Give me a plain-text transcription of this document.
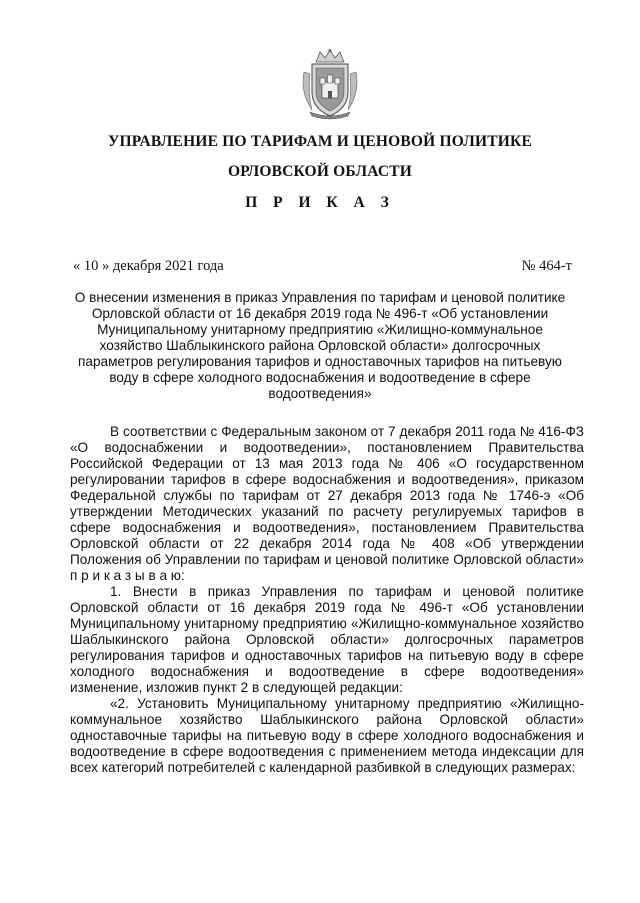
УПРАВЛЕНИЕ ПО ТАРИФАМ И ЦЕНОВОЙ ПОЛИТИКЕ
ОРЛОВСКОЙ ОБЛАСТИ
П Р И К А З
« 10 » декабря 2021 года	№ 464-т
О внесении изменения в приказ Управления по тарифам и ценовой политике Орловской области от 16 декабря 2019 года № 496-т «Об установлении Муниципальному унитарному предприятию «Жилищно-коммунальное хозяйство Шаблыкинского района Орловской области» долгосрочных параметров регулирования тарифов и одноставочных тарифов на питьевую воду в сфере холодного водоснабжения и водоотведение в сфере водоотведения»

В соответствии с Федеральным законом от 7 декабря 2011 года № 416-ФЗ «О водоснабжении и водоотведении», постановлением Правительства Российской Федерации от 13 мая 2013 года № 406 «О государственном регулировании тарифов в сфере водоснабжения и водоотведения», приказом Федеральной службы по тарифам от 27 декабря 2013 года № 1746-э «Об утверждении Методических указаний по расчету регулируемых тарифов в сфере водоснабжения и водоотведения», постановлением Правительства Орловской области от 22 декабря 2014 года № 408 «Об утверждении Положения об Управлении по тарифам и ценовой политике Орловской области» п р и к а з ы в а ю:

1. Внести в приказ Управления по тарифам и ценовой политике Орловской области от 16 декабря 2019 года № 496-т «Об установлении Муниципальному унитарному предприятию «Жилищно-коммунальное хозяйство Шаблыкинского района Орловской области» долгосрочных параметров регулирования тарифов и одноставочных тарифов на питьевую воду в сфере холодного водоснабжения и водоотведение в сфере водоотведения» изменение, изложив пункт 2 в следующей редакции:

«2. Установить Муниципальному унитарному предприятию «Жилищно-коммунальное хозяйство Шаблыкинского района Орловской области» одноставочные тарифы на питьевую воду в сфере холодного водоснабжения и водоотведение в сфере водоотведения с применением метода индексации для всех категорий потребителей с календарной разбивкой в следующих размерах:
